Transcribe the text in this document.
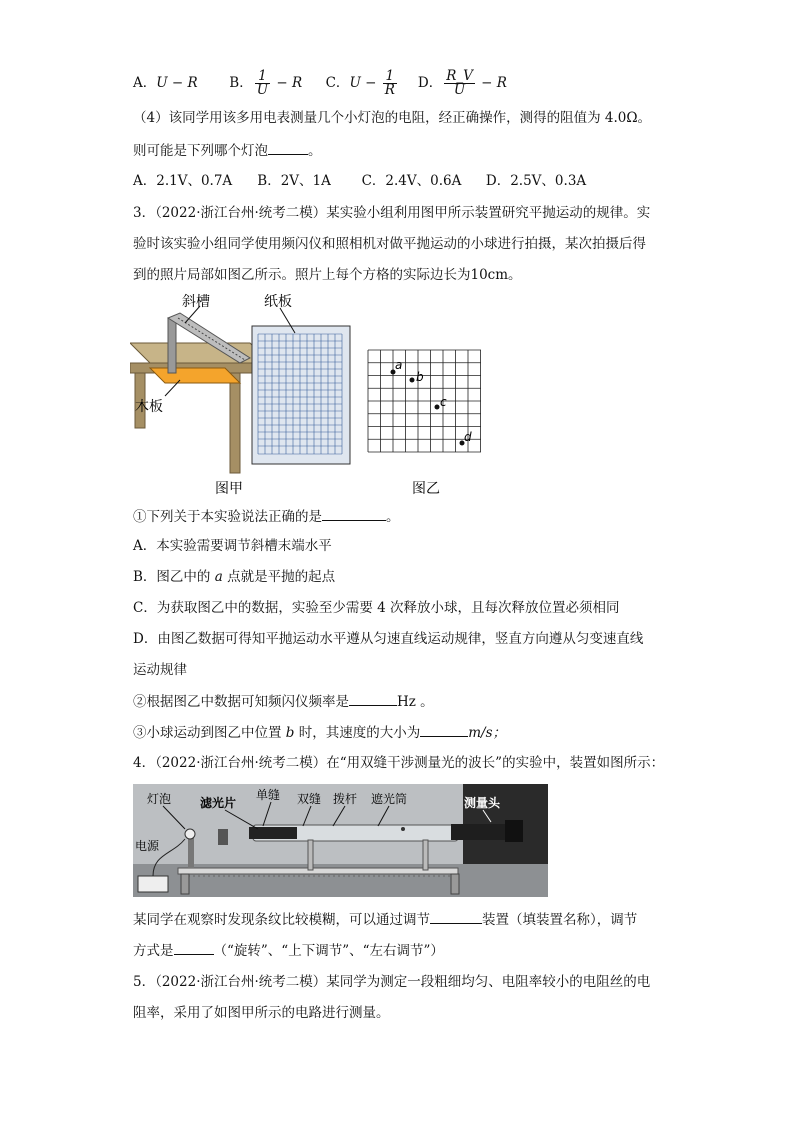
A．U − R B． $\frac{1}{U} - R$ C．$U - \frac{1}{R}$ D． $\frac{R\_V}{U} - R$
（4）该同学用该多用电表测量几个小灯泡的电阻，经正确操作，测得的阻值为 4.0Ω。
则可能是下列哪个灯泡	。
A．2.1V、0.7A B．2V、1A C．2.4V、0.6A D．2.5V、0.3A
3．（2022·浙江台州·统考二模）某实验小组利用图甲所示装置研究平抛运动的规律。实
验时该实验小组同学使用频闪仪和照相机对做平抛运动的小球进行拍摄，某次拍摄后得
到的照片局部如图乙所示。照片上每个方格的实际边长为10cm。
斜槽	纸板
木板
图甲
a
b
c
d
图乙
①下列关于本实验说法正确的是	。
A．本实验需要调节斜槽末端水平
B．图乙中的 a 点就是平抛的起点
C．为获取图乙中的数据，实验至少需要 4 次释放小球，且每次释放位置必须相同
D．由图乙数据可得知平抛运动水平遵从匀速直线运动规律，竖直方向遵从匀变速直线
运动规律
②根据图乙中数据可知频闪仪频率是	Hz 。
③小球运动到图乙中位置 b 时，其速度的大小为	m/s；
4．（2022·浙江台州·统考二模）在“用双缝干涉测量光的波长”的实验中，装置如图所示：
灯泡 滤光片
单缝 双缝 拨杆 遮光筒	测量头
电源
某同学在观察时发现条纹比较模糊，可以通过调节	装置（填装置名称），调节
方式是	（“旋转”、“上下调节”、“左右调节”）
5．（2022·浙江台州·统考二模）某同学为测定一段粗细均匀、电阻率较小的电阻丝的电
阻率，采用了如图甲所示的电路进行测量。
